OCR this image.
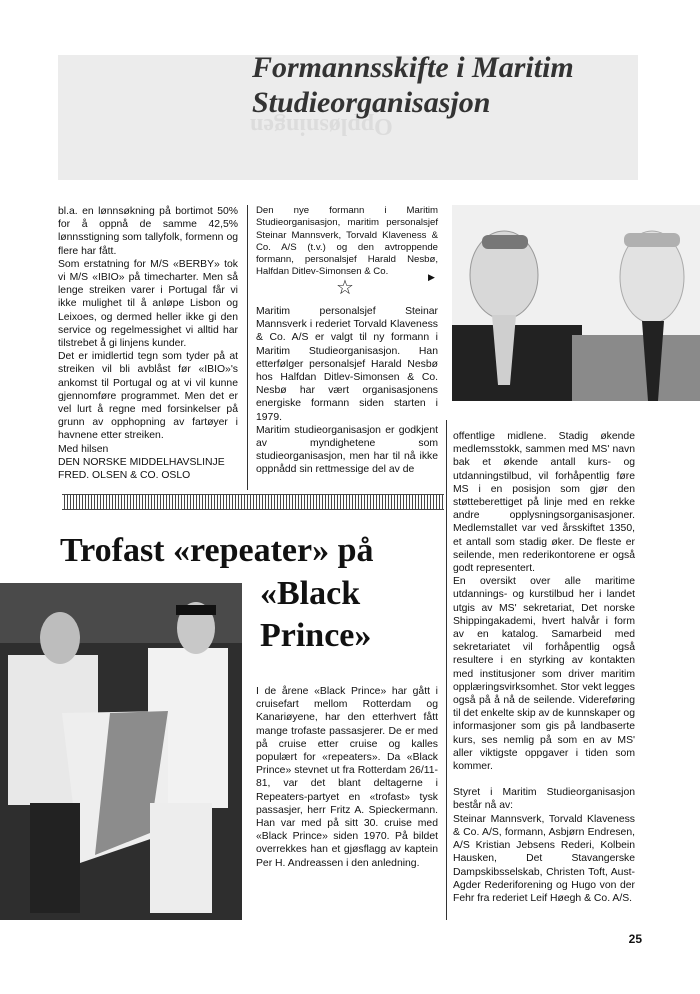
Oppløsningen
Formannsskifte i Maritim
Studieorganisasjon

bl.a. en lønnsøkning på bortimot 50% for å oppnå de samme 42,5% lønnsstigning som tallyfolk, formenn og flere har fått.

Som erstatning for M/S «BERBY» tok vi M/S «IBIO» på timecharter. Men så lenge streiken varer i Portugal får vi ikke mulighet til å anløpe Lisbon og Leixoes, og dermed heller ikke gi den service og regelmessighet vi alltid har tilstrebet å gi linjens kunder.

Det er imidlertid tegn som tyder på at streiken vil bli avblåst før «IBIO»'s ankomst til Portugal og at vi vil kunne gjennomføre programmet. Men det er vel lurt å regne med forsinkelser på grunn av opphopning av fartøyer i havnene etter streiken.

Med hilsen

DEN NORSKE MIDDELHAVSLINJE

FRED. OLSEN & CO. OSLO

Den nye formann i Maritim Studieorganisasjon, maritim personalsjef Steinar Mannsverk, Torvald Klaveness & Co. A/S (t.v.) og den avtroppende formann, personalsjef Harald Nesbø, Halfdan Ditlev-Simonsen & Co.	▶
☆

Maritim personalsjef Steinar Mannsverk i rederiet Torvald Klaveness & Co. A/S er valgt til ny formann i Maritim Studieorganisasjon. Han etterfølger personalsjef Harald Nesbø hos Halfdan Ditlev-Simonsen & Co. Nesbø har vært organisasjonens energiske formann siden starten i 1979.

Maritim studieorganisasjon er godkjent av myndighetene som studieorganisasjon, men har til nå ikke oppnådd sin rettmessige del av de

offentlige midlene. Stadig økende medlemsstokk, sammen med MS' navn bak et økende antall kurs- og utdanningstilbud, vil forhåpentlig føre MS i en posisjon som gjør den støtteberettiget på linje med en rekke andre opplysningsorganisasjoner. Medlemstallet var ved årsskiftet 1350, et antall som stadig øker. De fleste er seilende, men rederikontorene er også godt representert.

En oversikt over alle maritime utdannings- og kurstilbud her i landet utgis av MS' sekretariat, Det norske Shippingakademi, hvert halvår i form av en katalog. Samarbeid med sekretariatet vil forhåpentlig også resultere i en styrking av kontakten med institusjoner som driver maritim opplæringsvirksomhet. Stor vekt legges også på å nå de seilende. Videreføring til det enkelte skip av de kunnskaper og informasjoner som gis på landbaserte kurs, ses nemlig på som en av MS' aller viktigste oppgaver i tiden som kommer.

Styret i Maritim Studieorganisasjon består nå av:

Steinar Mannsverk, Torvald Klaveness & Co. A/S, formann, Asbjørn Endresen, A/S Kristian Jebsens Rederi, Kolbein Hausken, Det Stavangerske Dampskibsselskab, Christen Toft, Aust-Agder Rederiforening og Hugo von der Fehr fra rederiet Leif Høegh & Co. A/S.

Trofast «repeater» på
«Black
Prince»
I de årene «Black Prince» har gått i cruisefart mellom Rotterdam og Kanariøyene, har den etterhvert fått mange trofaste passasjerer. De er med på cruise etter cruise og kalles populært for «repeaters». Da «Black Prince» stevnet ut fra Rotterdam 26/11-81, var det blant deltagerne i Repeaters-partyet en «trofast» tysk passasjer, herr Fritz A. Spieckermann. Han var med på sitt 30. cruise med «Black Prince» siden 1970. På bildet overrekkes han et gjøsflagg av kaptein Per H. Andreassen i den anledning.
25
